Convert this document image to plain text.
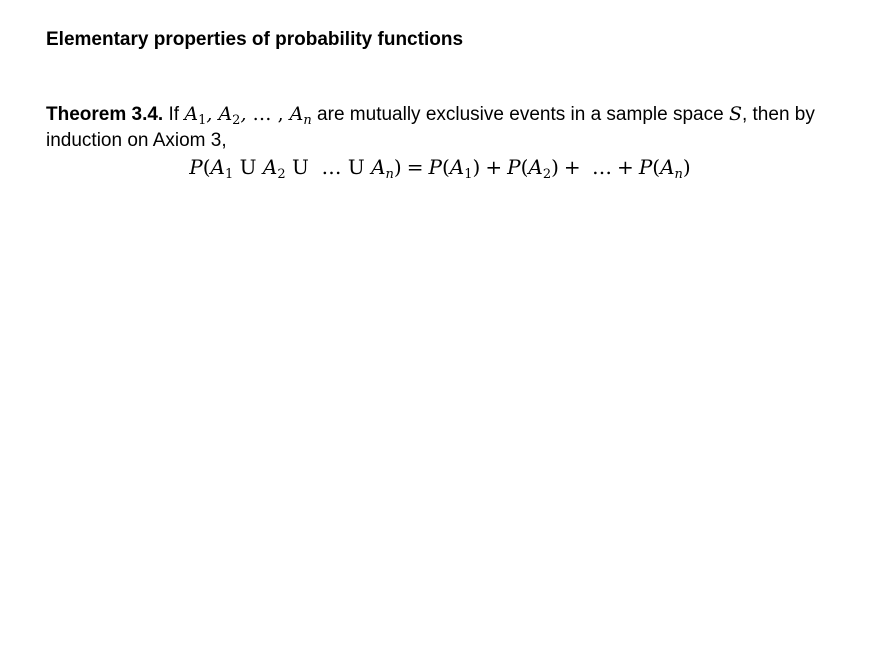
Elementary properties of probability functions
Theorem 3.4. If $A_1$, $A_2$, … , $A_n$ are mutually exclusive events in a sample space S, then by induction on Axiom 3,
$P(A_1$ U $A_2$ U  … U $A_n) = P(A_1) + P(A_2)$ + … + $P(A_n)$
